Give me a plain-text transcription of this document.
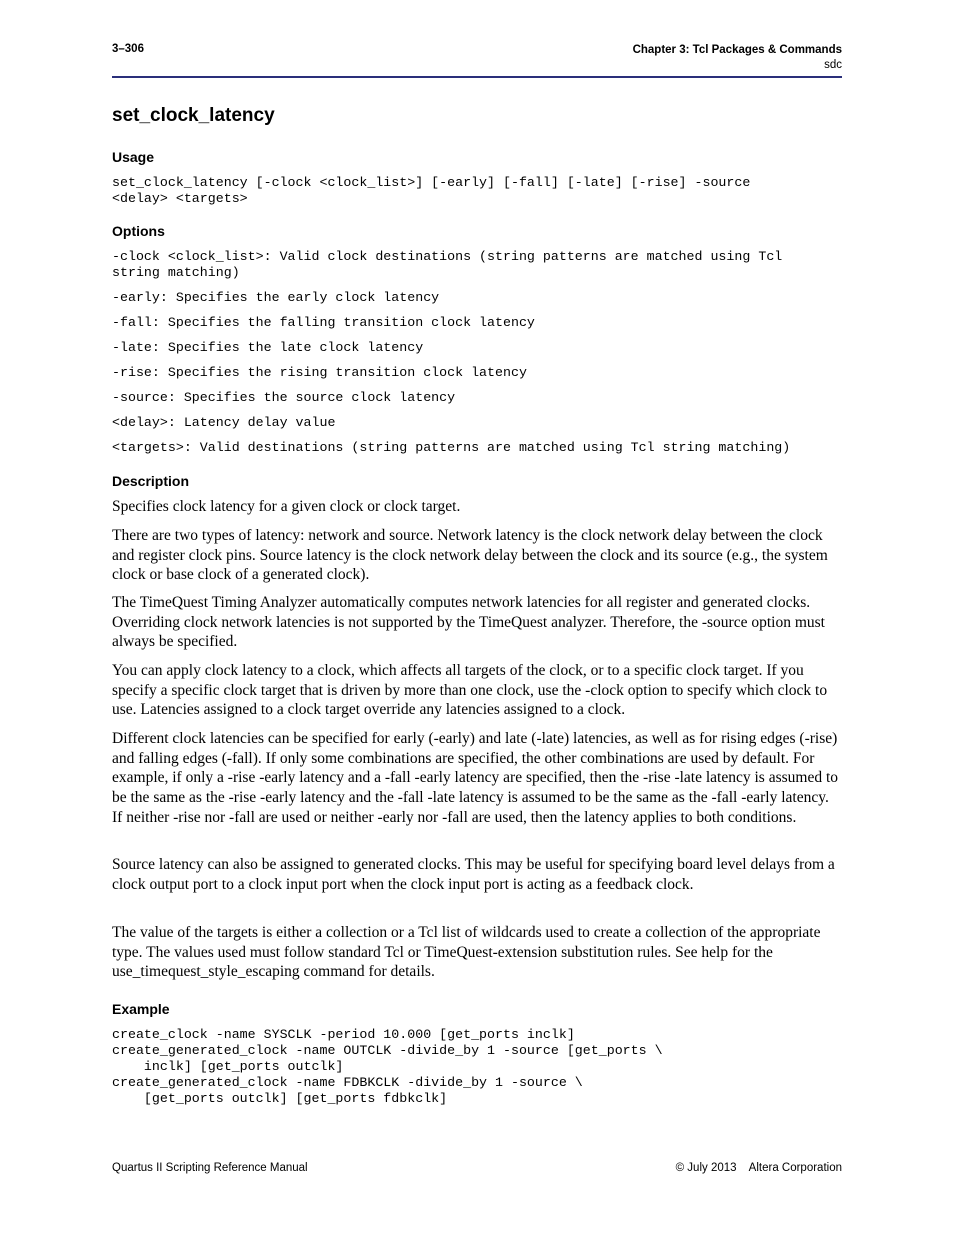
3–306	Chapter 3: Tcl Packages & Commands
sdc
set_clock_latency
Usage
set_clock_latency [-clock <clock_list>] [-early] [-fall] [-late] [-rise] -source
<delay> <targets>
Options
-clock <clock_list>: Valid clock destinations (string patterns are matched using Tcl
string matching)
-early: Specifies the early clock latency
-fall: Specifies the falling transition clock latency
-late: Specifies the late clock latency
-rise: Specifies the rising transition clock latency
-source: Specifies the source clock latency
<delay>: Latency delay value
<targets>: Valid destinations (string patterns are matched using Tcl string matching)
Description
Specifies clock latency for a given clock or clock target.
There are two types of latency: network and source. Network latency is the clock network delay between the clock and register clock pins. Source latency is the clock network delay between the clock and its source (e.g., the system clock or base clock of a generated clock).
The TimeQuest Timing Analyzer automatically computes network latencies for all register and generated clocks. Overriding clock network latencies is not supported by the TimeQuest analyzer. Therefore, the -source option must always be specified.
You can apply clock latency to a clock, which affects all targets of the clock, or to a specific clock target. If you specify a specific clock target that is driven by more than one clock, use the -clock option to specify which clock to use. Latencies assigned to a clock target override any latencies assigned to a clock.
Different clock latencies can be specified for early (-early) and late (-late) latencies, as well as for rising edges (-rise) and falling edges (-fall). If only some combinations are specified, the other combinations are used by default. For example, if only a -rise -early latency and a -fall -early latency are specified, then the -rise -late latency is assumed to be the same as the -rise -early latency and the -fall -late latency is assumed to be the same as the -fall -early latency. If neither -rise nor -fall are used or neither -early nor -fall are used, then the latency applies to both conditions.
Source latency can also be assigned to generated clocks. This may be useful for specifying board level delays from a clock output port to a clock input port when the clock input port is acting as a feedback clock.
The value of the targets is either a collection or a Tcl list of wildcards used to create a collection of the appropriate type. The values used must follow standard Tcl or TimeQuest-extension substitution rules. See help for the use_timequest_style_escaping command for details.
Example
create_clock -name SYSCLK -period 10.000 [get_ports inclk]
create_generated_clock -name OUTCLK -divide_by 1 -source [get_ports \
inclk] [get_ports outclk]
create_generated_clock -name FDBKCLK -divide_by 1 -source \
[get_ports outclk] [get_ports fdbkclk]
Quartus II Scripting Reference Manual	© July 2013    Altera Corporation
